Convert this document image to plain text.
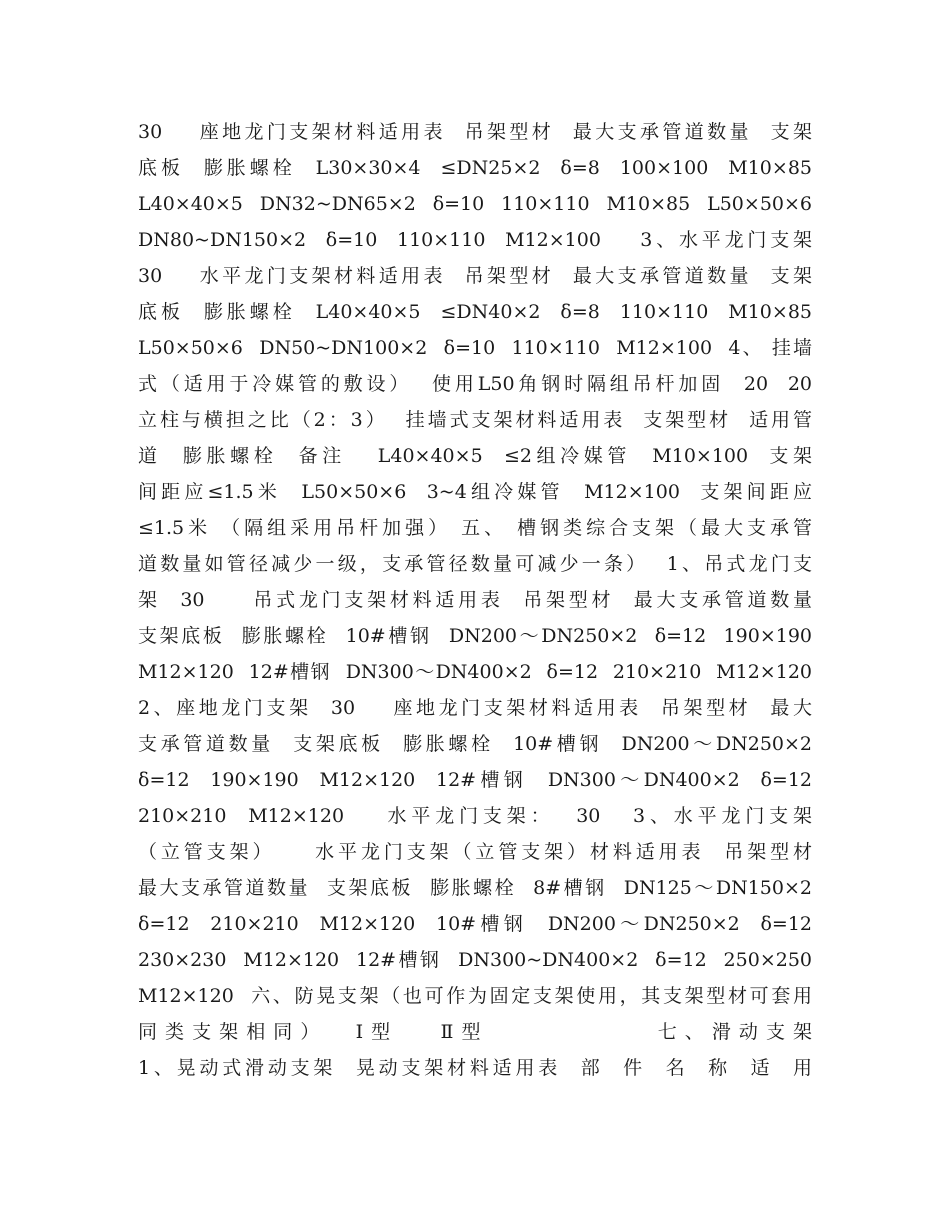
30    座地龙门支架材料适用表  吊架型材  最大支承管道数量  支架
底板  膨胀螺栓  L30×30×4  ≤DN25×2  δ=8  100×100  M10×85
L40×40×5  DN32~DN65×2  δ=10  110×110  M10×85  L50×50×6
DN80~DN150×2  δ=10  110×110  M12×100    3、水平龙门支架
30    水平龙门支架材料适用表  吊架型材  最大支承管道数量  支架
底板  膨胀螺栓  L40×40×5  ≤DN40×2  δ=8  110×110  M10×85
L50×50×6  DN50~DN100×2  δ=10  110×110  M12×100  4、 挂墙
式（适用于冷媒管的敷设）  使用L50角钢时隔组吊杆加固  20  20
立柱与横担之比（2：3）  挂墙式支架材料适用表  支架型材  适用管
道  膨胀螺栓  备注   L40×40×5  ≤2组冷媒管  M10×100  支架
间距应≤1.5米  L50×50×6  3~4组冷媒管  M12×100  支架间距应
≤1.5米 （隔组采用吊杆加强） 五、 槽钢类综合支架（最大支承管
道数量如管径减少一级，支承管径数量可减少一条）  1、吊式龙门支
架  30     吊式龙门支架材料适用表  吊架型材  最大支承管道数量
支架底板  膨胀螺栓  10#槽钢  DN200～DN250×2  δ=12  190×190
M12×120  12#槽钢  DN300～DN400×2  δ=12  210×210  M12×120
2、座地龙门支架  30    座地龙门支架材料适用表  吊架型材  最大
支承管道数量  支架底板  膨胀螺栓  10#槽钢  DN200～DN250×2
δ=12  190×190  M12×120  12#槽钢  DN300～DN400×2  δ=12
210×210  M12×120    水平龙门支架：  30   3、水平龙门支架
（立管支架）    水平龙门支架（立管支架）材料适用表  吊架型材
最大支承管道数量  支架底板  膨胀螺栓  8#槽钢  DN125～DN150×2
δ=12  210×210  M12×120  10#槽钢  DN200～DN250×2  δ=12
230×230  M12×120  12#槽钢  DN300~DN400×2  δ=12  250×250
M12×120  六、防晃支架（也可作为固定支架使用，其支架型材可套用
同类支架相同）  Ⅰ型   Ⅱ型            七、滑动支架
1、晃动式滑动支架  晃动支架材料适用表  部  件  名  称  适  用
